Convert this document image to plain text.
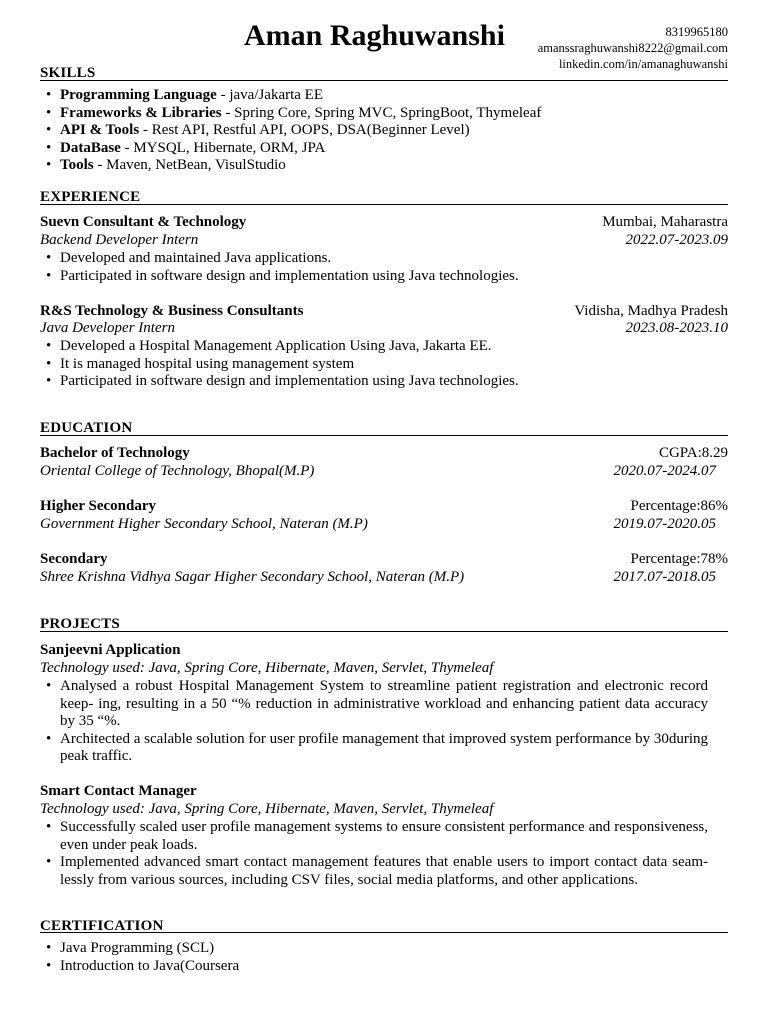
Aman Raghuwanshi	8319965180
amanssraghuwanshi8222@gmail.com
linkedin.com/in/amanaghuwanshi
SKILLS
• Programming Language - java/Jakarta EE
• Frameworks & Libraries - Spring Core, Spring MVC, SpringBoot, Thymeleaf
• API & Tools - Rest API, Restful API, OOPS, DSA(Beginner Level)
• DataBase - MYSQL, Hibernate, ORM, JPA
• Tools - Maven, NetBean, VisulStudio
EXPERIENCE
Suevn Consultant & Technology	Mumbai, Maharastra
Backend Developer Intern	2022.07-2023.09
• Developed and maintained Java applications.
• Participated in software design and implementation using Java technologies.
R&S Technology & Business Consultants	Vidisha, Madhya Pradesh
Java Developer Intern	2023.08-2023.10
• Developed a Hospital Management Application Using Java, Jakarta EE.
• It is managed hospital using management system
• Participated in software design and implementation using Java technologies.
EDUCATION
Bachelor of Technology	CGPA:8.29
Oriental College of Technology, Bhopal(M.P)	2020.07-2024.07
Higher Secondary	Percentage:86%
Government Higher Secondary School, Nateran (M.P)	2019.07-2020.05
Secondary	Percentage:78%
Shree Krishna Vidhya Sagar Higher Secondary School, Nateran (M.P)	2017.07-2018.05
PROJECTS
Sanjeevni Application
Technology used: Java, Spring Core, Hibernate, Maven, Servlet, Thymeleaf
• Analysed a robust Hospital Management System to streamline patient registration and electronic record keep- ing, resulting in a 50 “% reduction in administrative workload and enhancing patient data accuracy by 35 “%.
• Architected a scalable solution for user profile management that improved system performance by 30during peak traffic.
Smart Contact Manager
Technology used: Java, Spring Core, Hibernate, Maven, Servlet, Thymeleaf
• Successfully scaled user profile management systems to ensure consistent performance and responsiveness, even under peak loads.
• Implemented advanced smart contact management features that enable users to import contact data seam- lessly from various sources, including CSV files, social media platforms, and other applications.
CERTIFICATION
• Java Programming (SCL)
• Introduction to Java(Coursera
